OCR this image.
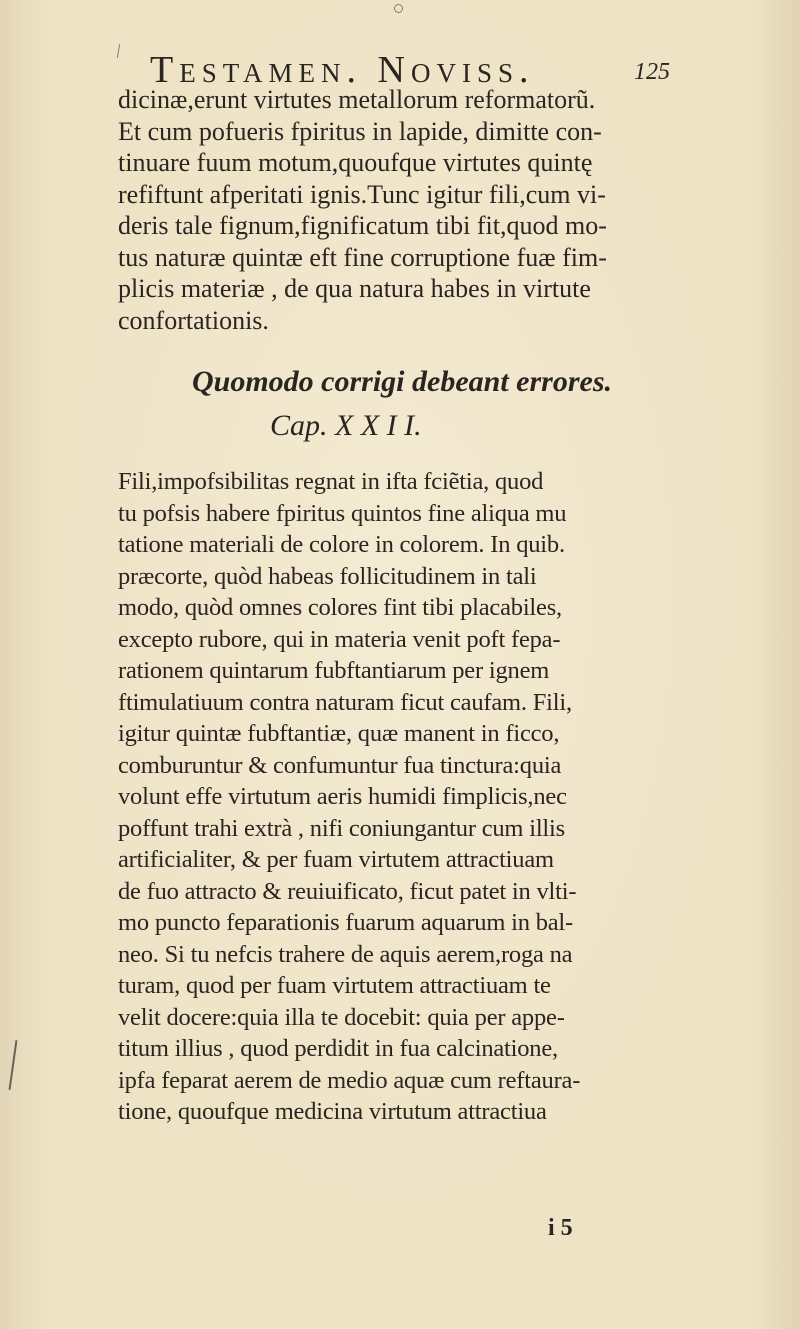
Testamen. Noviss.	125
dicinæ,erunt virtutes metallorum reformatorũ.
Et cum pofueris fpiritus in lapide, dimitte con-
tinuare fuum motum,quoufque virtutes quintę
refiftunt afperitati ignis.Tunc igitur fili,cum vi-
deris tale fignum,fignificatum tibi fit,quod mo-
tus naturæ quintæ eft fine corruptione fuæ fim-
plicis materiæ , de qua natura habes in virtute
confortationis.
Quomodo corrigi debeant errores.
Cap. X X I I.
Fili,impofsibilitas regnat in ifta fciẽtia, quod
tu pofsis habere fpiritus quintos fine aliqua mu
tatione materiali de colore in colorem. In quib.
præcorte, quòd habeas follicitudinem in tali
modo, quòd omnes colores fint tibi placabiles,
excepto rubore, qui in materia venit poft fepa-
rationem quintarum fubftantiarum per ignem
ftimulatiuum contra naturam ficut caufam. Fili,
igitur quintæ fubftantiæ, quæ manent in ficco,
comburuntur & confumuntur fua tinctura:quia
volunt effe virtutum aeris humidi fimplicis,nec
poffunt trahi extrà , nifi coniungantur cum illis
artificialiter, & per fuam virtutem attractiuam
de fuo attracto & reuiuificato, ficut patet in vlti-
mo puncto feparationis fuarum aquarum in bal-
neo. Si tu nefcis trahere de aquis aerem,roga na
turam, quod per fuam virtutem attractiuam te
velit docere:quia illa te docebit: quia per appe-
titum illius , quod perdidit in fua calcinatione,
ipfa feparat aerem de medio aquæ cum reftaura-
tione, quoufque medicina virtutum attractiua
i 5
